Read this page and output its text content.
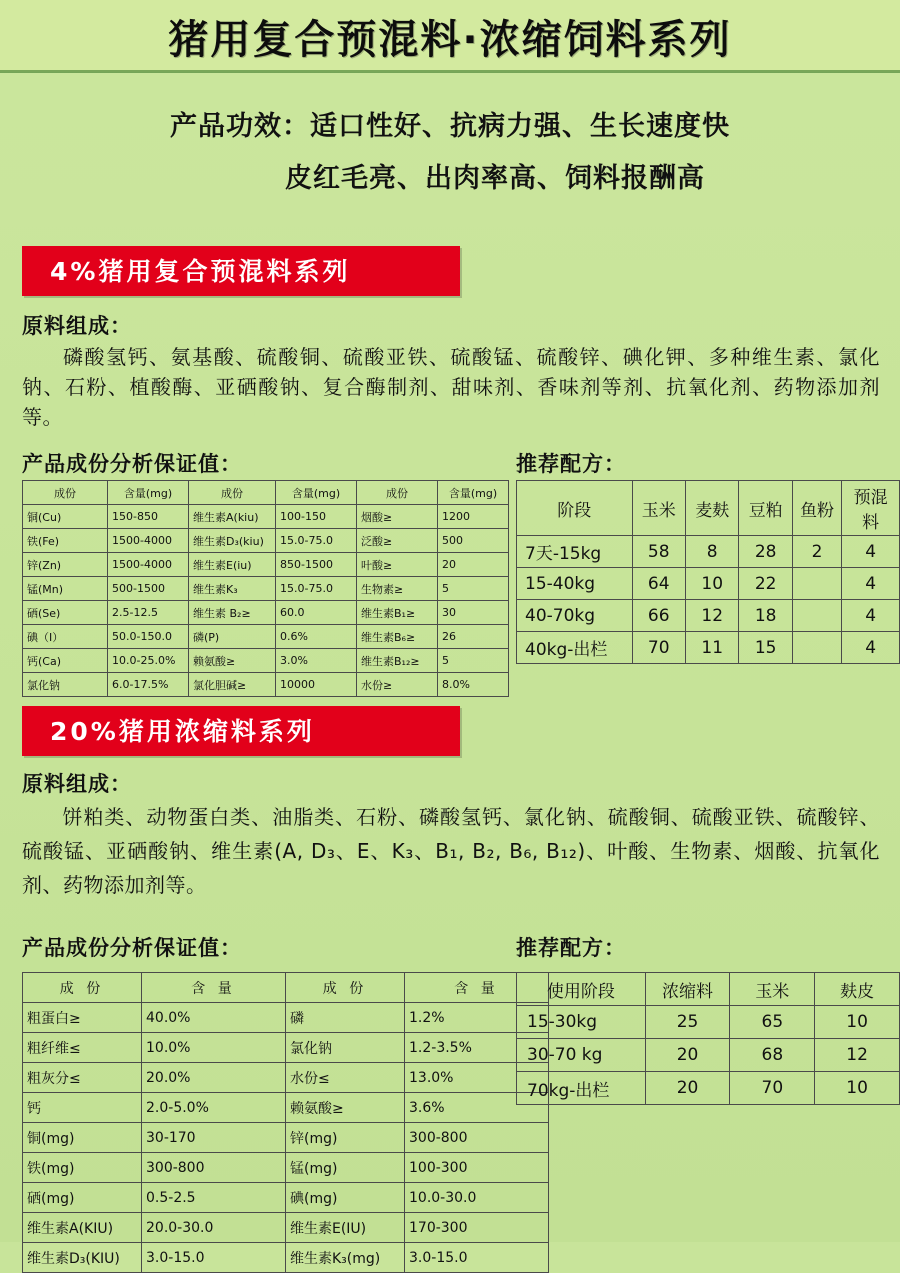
猪用复合预混料·浓缩饲料系列
产品功效：适口性好、抗病力强、生长速度快
皮红毛亮、出肉率高、饲料报酬高
4%猪用复合预混料系列
原料组成：
磷酸氢钙、氨基酸、硫酸铜、硫酸亚铁、硫酸锰、硫酸锌、碘化钾、多种维生素、氯化钠、石粉、植酸酶、亚硒酸钠、复合酶制剂、甜味剂、香味剂等剂、抗氧化剂、药物添加剂等。
产品成份分析保证值：	推荐配方：
成份	含量(mg)	成份	含量(mg)	成份	含量(mg)
铜(Cu)	150-850	维生素A(kiu)	100-150	烟酸≥	1200
铁(Fe)	1500-4000	维生素D₃(kiu)	15.0-75.0	泛酸≥	500
锌(Zn)	1500-4000	维生素E(iu)	850-1500	叶酸≥	20
锰(Mn)	500-1500	维生素K₃	15.0-75.0	生物素≥	5
硒(Se)	2.5-12.5	维生素 B₂≥	60.0	维生素B₁≥	30
碘（I）	50.0-150.0	磷(P)	0.6%	维生素B₆≥	26
钙(Ca)	10.0-25.0%	赖氨酸≥	3.0%	维生素B₁₂≥	5
氯化钠	6.0-17.5%	氯化胆碱≥	10000	水份≥	8.0%
阶段	玉米	麦麸	豆粕	鱼粉	预混料
7天-15kg	58	8	28	2	4
15-40kg	64	10	22		4
40-70kg	66	12	18		4
40kg-出栏	70	11	15		4
20%猪用浓缩料系列
原料组成：
饼粕类、动物蛋白类、油脂类、石粉、磷酸氢钙、氯化钠、硫酸铜、硫酸亚铁、硫酸锌、硫酸锰、亚硒酸钠、维生素(A, D₃、E、K₃、B₁, B₂, B₆, B₁₂)、叶酸、生物素、烟酸、抗氧化剂、药物添加剂等。
产品成份分析保证值：	推荐配方：
成 份	含 量	成 份	含 量
粗蛋白≥	40.0%	磷	1.2%
粗纤维≤	10.0%	氯化钠	1.2-3.5%
粗灰分≤	20.0%	水份≤	13.0%
钙	2.0-5.0%	赖氨酸≥	3.6%
铜(mg)	30-170	锌(mg)	300-800
铁(mg)	300-800	锰(mg)	100-300
硒(mg)	0.5-2.5	碘(mg)	10.0-30.0
维生素A(KIU)	20.0-30.0	维生素E(IU)	170-300
维生素D₃(KIU)	3.0-15.0	维生素K₃(mg)	3.0-15.0
使用阶段	浓缩料	玉米	麸皮
15-30kg	25	65	10
30-70 kg	20	68	12
70kg-出栏	20	70	10
